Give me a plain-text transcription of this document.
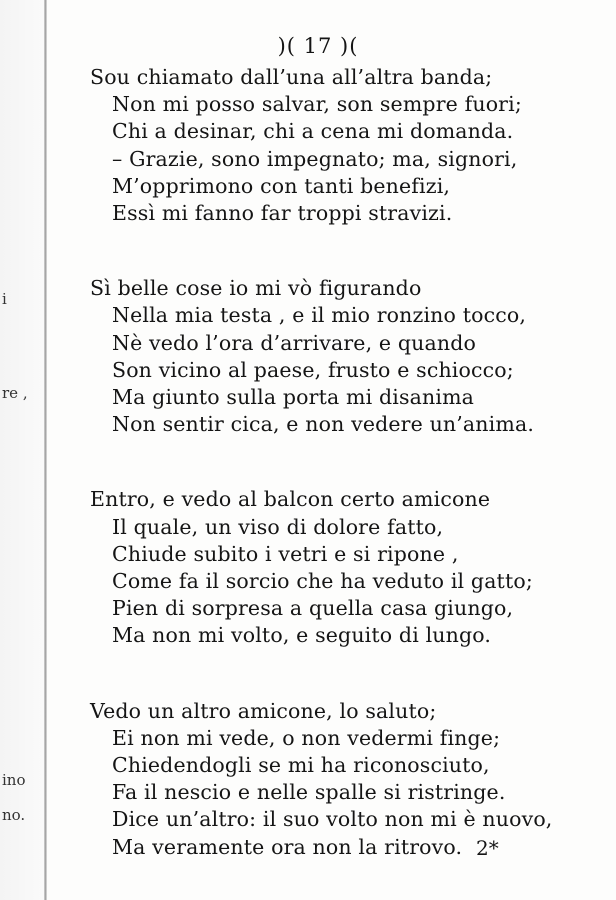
i
re ,
ino
no.
)( 17 )(
Sou chiamato dall’una all’altra banda;
Non mi posso salvar, son sempre fuori;
Chi a desinar, chi a cena mi domanda.
– Grazie, sono impegnato; ma, signori,
M’opprimono con tanti benefizi,
Essì mi fanno far troppi stravizi.
Sì belle cose io mi vò figurando
Nella mia testa , e il mio ronzino tocco,
Nè vedo l’ora d’arrivare, e quando
Son vicino al paese, frusto e schiocco;
Ma giunto sulla porta mi disanima
Non sentir cica, e non vedere un’anima.
Entro, e vedo al balcon certo amicone
Il quale, un viso di dolore fatto,
Chiude subito i vetri e si ripone ,
Come fa il sorcio che ha veduto il gatto;
Pien di sorpresa a quella casa giungo,
Ma non mi volto, e seguito di lungo.
Vedo un altro amicone, lo saluto;
Ei non mi vede, o non vedermi finge;
Chiedendogli se mi ha riconosciuto,
Fa il nescio e nelle spalle si ristringe.
Dice un’altro: il suo volto non mi è nuovo,
Ma veramente ora non la ritrovo. 2*
